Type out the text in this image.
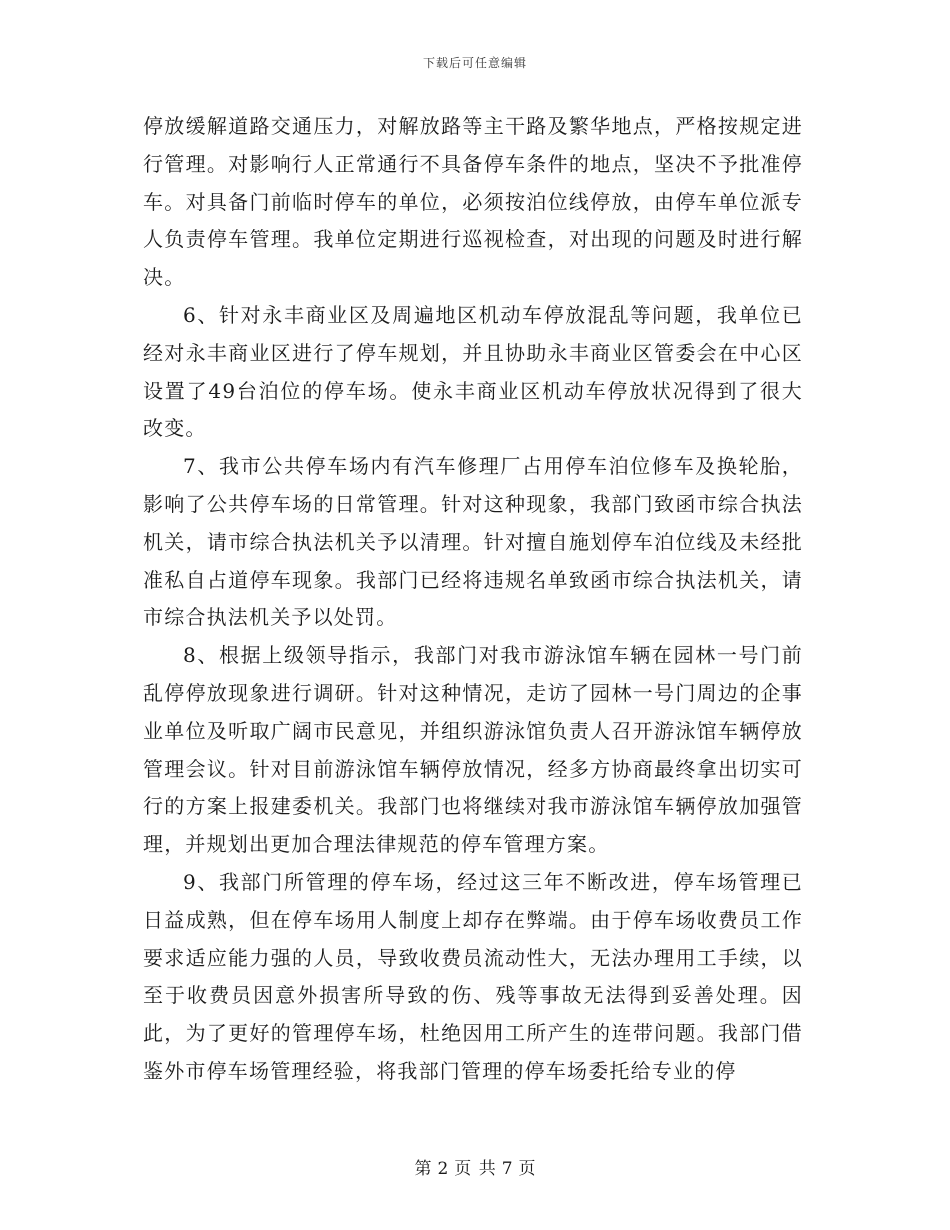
下载后可任意编辑

停放缓解道路交通压力，对解放路等主干路及繁华地点，严格按规定进行管理。对影响行人正常通行不具备停车条件的地点，坚决不予批准停车。对具备门前临时停车的单位，必须按泊位线停放，由停车单位派专人负责停车管理。我单位定期进行巡视检查，对出现的问题及时进行解决。

6、针对永丰商业区及周遍地区机动车停放混乱等问题，我单位已经对永丰商业区进行了停车规划，并且协助永丰商业区管委会在中心区设置了49台泊位的停车场。使永丰商业区机动车停放状况得到了很大改变。

7、我市公共停车场内有汽车修理厂占用停车泊位修车及换轮胎，影响了公共停车场的日常管理。针对这种现象，我部门致函市综合执法机关，请市综合执法机关予以清理。针对擅自施划停车泊位线及未经批准私自占道停车现象。我部门已经将违规名单致函市综合执法机关，请市综合执法机关予以处罚。

8、根据上级领导指示，我部门对我市游泳馆车辆在园林一号门前乱停停放现象进行调研。针对这种情况，走访了园林一号门周边的企事业单位及听取广阔市民意见，并组织游泳馆负责人召开游泳馆车辆停放管理会议。针对目前游泳馆车辆停放情况，经多方协商最终拿出切实可行的方案上报建委机关。我部门也将继续对我市游泳馆车辆停放加强管理，并规划出更加合理法律规范的停车管理方案。

9、我部门所管理的停车场，经过这三年不断改进，停车场管理已日益成熟，但在停车场用人制度上却存在弊端。由于停车场收费员工作要求适应能力强的人员，导致收费员流动性大，无法办理用工手续，以至于收费员因意外损害所导致的伤、残等事故无法得到妥善处理。因此，为了更好的管理停车场，杜绝因用工所产生的连带问题。我部门借鉴外市停车场管理经验，将我部门管理的停车场委托给专业的停

第 2 页 共 7 页
